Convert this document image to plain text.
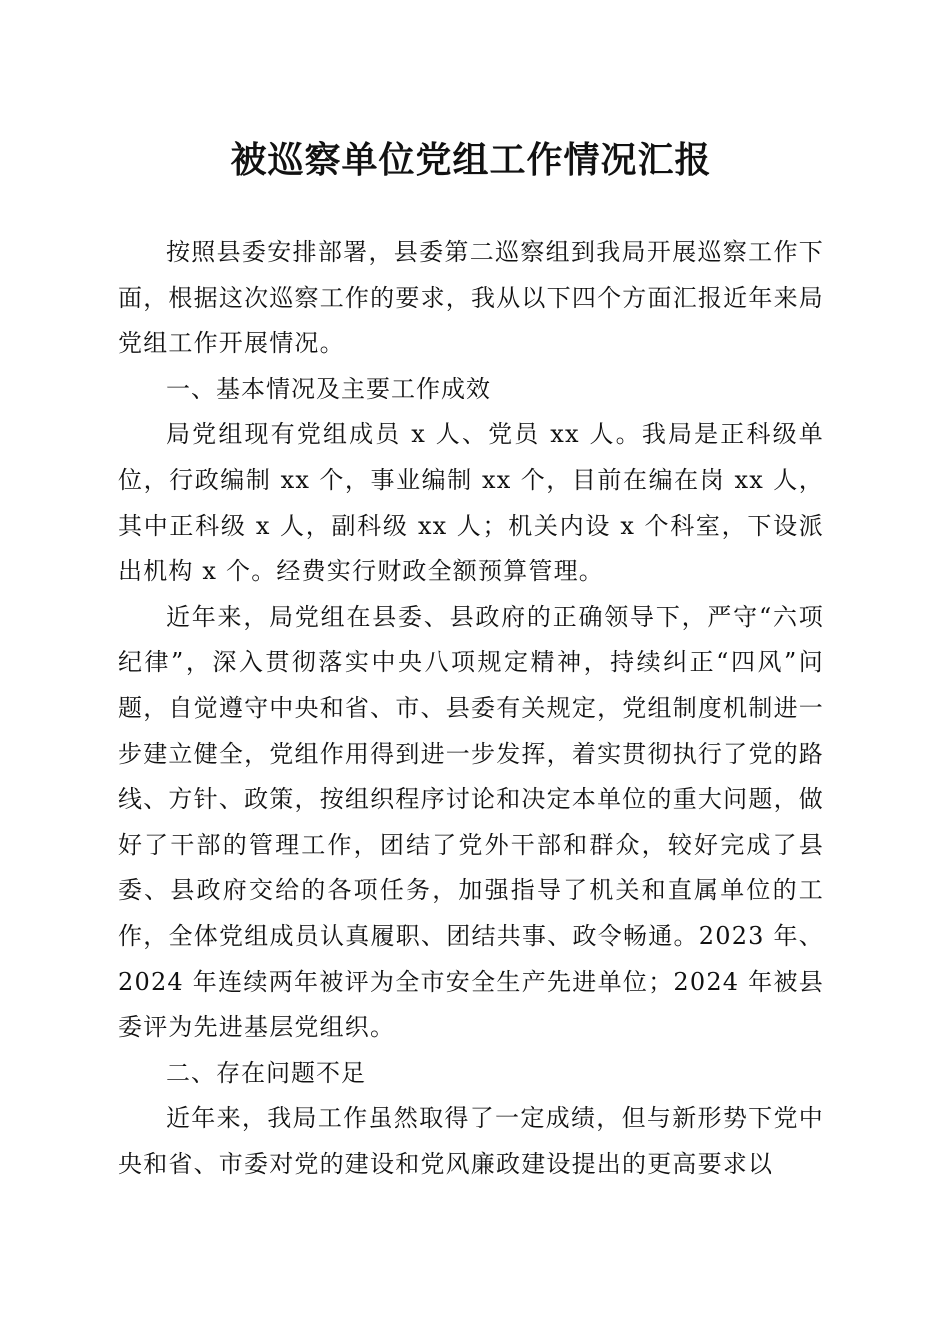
被巡察单位党组工作情况汇报

按照县委安排部署，县委第二巡察组到我局开展巡察工作下面，根据这次巡察工作的要求，我从以下四个方面汇报近年来局党组工作开展情况。

一、基本情况及主要工作成效

局党组现有党组成员 x 人、党员 xx 人。我局是正科级单位，行政编制 xx 个，事业编制 xx 个，目前在编在岗 xx 人，其中正科级 x 人，副科级 xx 人；机关内设 x 个科室，下设派出机构 x 个。经费实行财政全额预算管理。

近年来，局党组在县委、县政府的正确领导下，严守“六项纪律”，深入贯彻落实中央八项规定精神，持续纠正“四风”问题，自觉遵守中央和省、市、县委有关规定，党组制度机制进一步建立健全，党组作用得到进一步发挥，着实贯彻执行了党的路线、方针、政策，按组织程序讨论和决定本单位的重大问题，做好了干部的管理工作，团结了党外干部和群众，较好完成了县委、县政府交给的各项任务，加强指导了机关和直属单位的工作，全体党组成员认真履职、团结共事、政令畅通。2023 年、2024 年连续两年被评为全市安全生产先进单位；2024 年被县委评为先进基层党组织。

二、存在问题不足

近年来，我局工作虽然取得了一定成绩，但与新形势下党中央和省、市委对党的建设和党风廉政建设提出的更高要求以
